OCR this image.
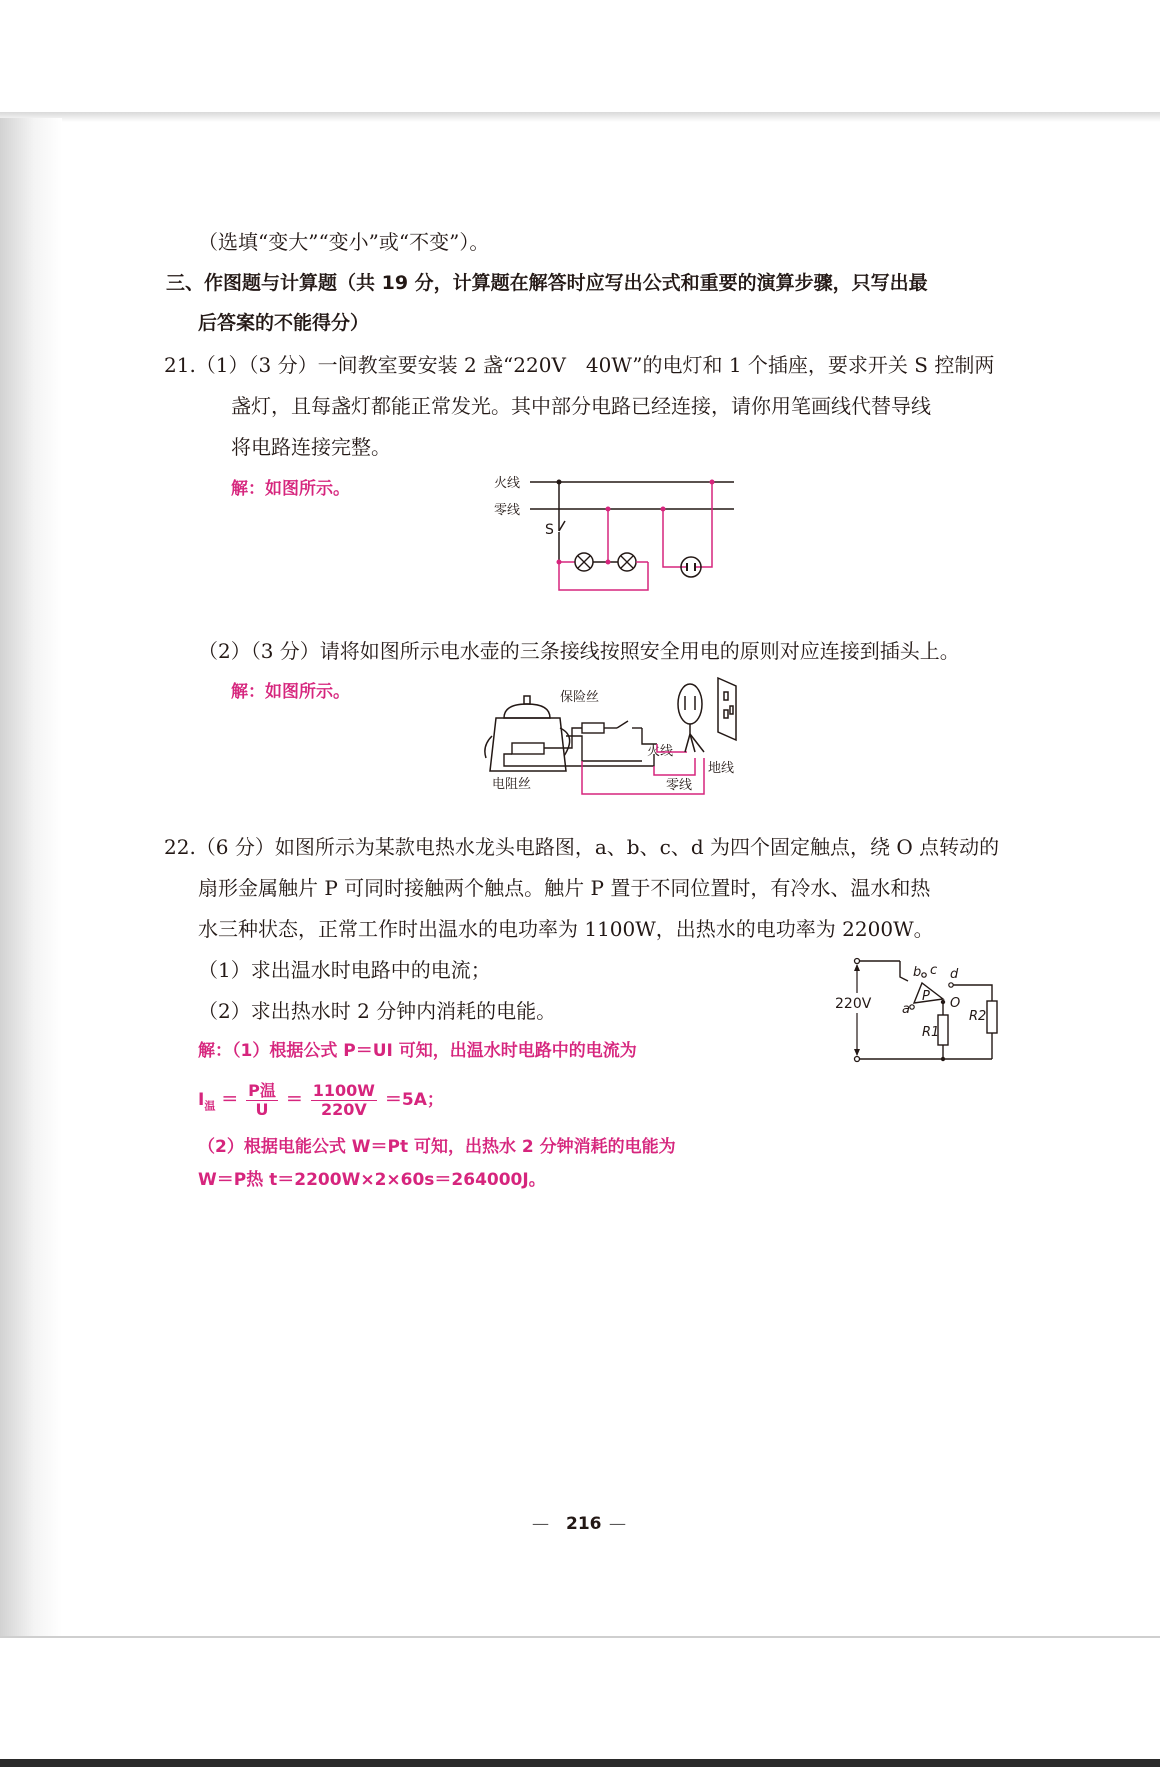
（选填“变大”“变小”或“不变”）。
三、作图题与计算题（共 19 分，计算题在解答时应写出公式和重要的演算步骤，只写出最
后答案的不能得分）
21.（1）（3 分）一间教室要安装 2 盏“220V　40W”的电灯和 1 个插座，要求开关 S 控制两
盏灯，且每盏灯都能正常发光。其中部分电路已经连接，请你用笔画线代替导线
将电路连接完整。
解：如图所示。	火线
零线
S
（2）（3 分）请将如图所示电水壶的三条接线按照安全用电的原则对应连接到插头上。
解：如图所示。
电阻丝
保险丝
火线
零线
地线
22.（6 分）如图所示为某款电热水龙头电路图，a、b、c、d 为四个固定触点，绕 O 点转动的
扇形金属触片 P 可同时接触两个触点。触片 P 置于不同位置时，有冷水、温水和热
水三种状态，正常工作时出温水的电功率为 1100W，出热水的电功率为 2200W。
（1）求出温水时电路中的电流；
（2）求出热水时 2 分钟内消耗的电能。
解：（1）根据公式 P＝UI 可知，出温水时电路中的电流为
$I_温 = \frac{\text{P温}}{U} = \frac{1100W}{220V} =5A$；
（2）根据电能公式 W＝Pt 可知，出热水 2 分钟消耗的电能为
W＝P热 t＝2200W×2×60s＝264000J。
220V
b c d
R2
a
P O
R1
— 216 —
